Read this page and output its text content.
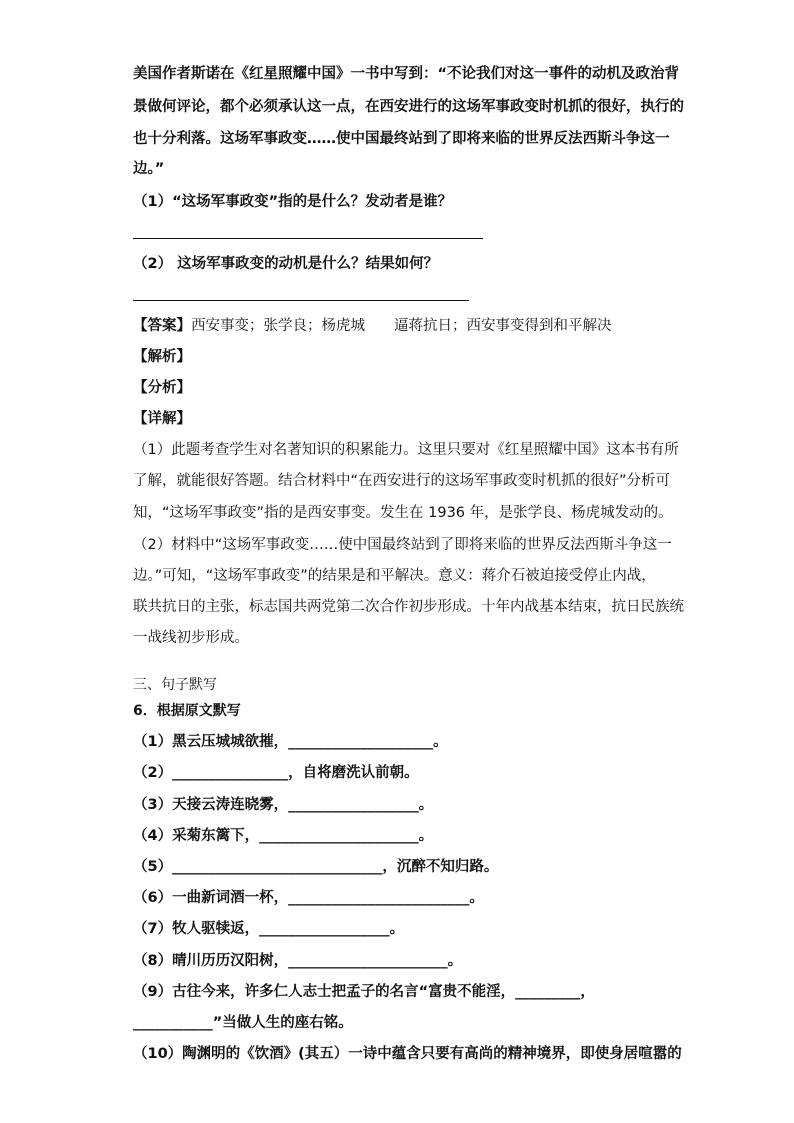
美国作者斯诺在《红星照耀中国》一书中写到：“不论我们对这一事件的动机及政治背
景做何评论，都个必须承认这一点，在西安进行的这场军事政变时机抓的很好，执行的
也十分利落。这场军事政变……使中国最终站到了即将来临的世界反法西斯斗争这一
边。”
（1）“这场军事政变”指的是什么？发动者是谁？
（2） 这场军事政变的动机是什么？结果如何？
【答案】西安事变；张学良；杨虎城　　逼蒋抗日；西安事变得到和平解决
【解析】
【分析】
【详解】
（1）此题考查学生对名著知识的积累能力。这里只要对《红星照耀中国》这本书有所
了解，就能很好答题。结合材料中“在西安进行的这场军事政变时机抓的很好”分析可
知，“这场军事政变”指的是西安事变。发生在 1936 年，是张学良、杨虎城发动的。
（2）材料中“这场军事政变……使中国最终站到了即将来临的世界反法西斯斗争这一
边。”可知，“这场军事政变”的结果是和平解决。意义：蒋介石被迫接受停止内战，
联共抗日的主张，标志国共两党第二次合作初步形成。十年内战基本结束，抗日民族统
一战线初步形成。
三、句子默写
6．根据原文默写
（1）黑云压城城欲摧，____________________。
（2）________________，自将磨洗认前朝。
（3）天接云涛连晓雾，__________________。
（4）采菊东篱下，______________________。
（5）_____________________________，沉醉不知归路。
（6）一曲新词酒一杯，_________________________。
（7）牧人驱犊返，__________________。
（8）晴川历历汉阳树，______________________。
（9）古往今来，许多仁人志士把孟子的名言“富贵不能淫，_________，
___________”当做人生的座右铭。
（10）陶渊明的《饮酒》(其五）一诗中蕴含只要有高尚的精神境界，即使身居喧嚣的
